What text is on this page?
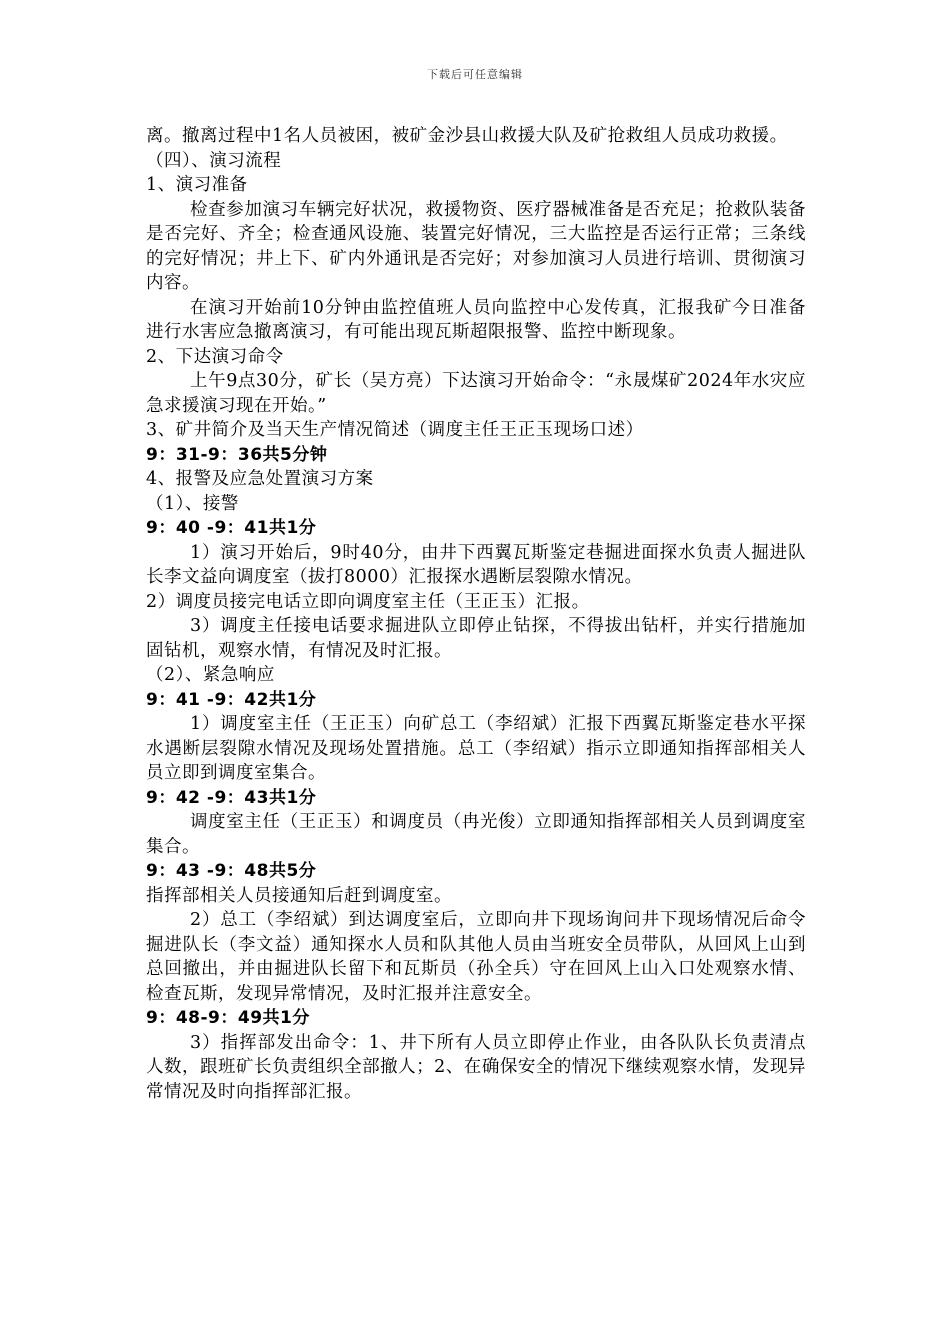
下载后可任意编辑

离。撤离过程中1名人员被困，被矿金沙县山救援大队及矿抢救组人员成功救援。

（四）、演习流程

1、演习准备

检查参加演习车辆完好状况，救援物资、医疗器械准备是否充足；抢救队装备是否完好、齐全；检查通风设施、装置完好情况，三大监控是否运行正常；三条线的完好情况；井上下、矿内外通讯是否完好；对参加演习人员进行培训、贯彻演习内容。

在演习开始前10分钟由监控值班人员向监控中心发传真，汇报我矿今日准备进行水害应急撤离演习，有可能出现瓦斯超限报警、监控中断现象。

2、下达演习命令

上午9点30分，矿长（吴方亮）下达演习开始命令：“永晟煤矿2024年水灾应急求援演习现在开始。”

3、矿井简介及当天生产情况简述（调度主任王正玉现场口述）

9：31-9：36共5分钟

4、报警及应急处置演习方案

（1）、接警

9：40 -9：41共1分

1）演习开始后，9时40分，由井下西翼瓦斯鉴定巷掘进面探水负责人掘进队长李文益向调度室（拔打8000）汇报探水遇断层裂隙水情况。

2）调度员接完电话立即向调度室主任（王正玉）汇报。

3）调度主任接电话要求掘进队立即停止钻探，不得拔出钻杆，并实行措施加固钻机，观察水情，有情况及时汇报。

（2）、紧急响应

9：41 -9：42共1分

1）调度室主任（王正玉）向矿总工（李绍斌）汇报下西翼瓦斯鉴定巷水平探水遇断层裂隙水情况及现场处置措施。总工（李绍斌）指示立即通知指挥部相关人员立即到调度室集合。

9：42 -9：43共1分

调度室主任（王正玉）和调度员（冉光俊）立即通知指挥部相关人员到调度室集合。

9：43 -9：48共5分

指挥部相关人员接通知后赶到调度室。

2）总工（李绍斌）到达调度室后，立即向井下现场询问井下现场情况后命令掘进队长（李文益）通知探水人员和队其他人员由当班安全员带队，从回风上山到总回撤出，并由掘进队长留下和瓦斯员（孙全兵）守在回风上山入口处观察水情、检查瓦斯，发现异常情况，及时汇报并注意安全。

9：48-9：49共1分

3）指挥部发出命令：1、井下所有人员立即停止作业，由各队队长负责清点人数，跟班矿长负责组织全部撤人；2、在确保安全的情况下继续观察水情，发现异常情况及时向指挥部汇报。
